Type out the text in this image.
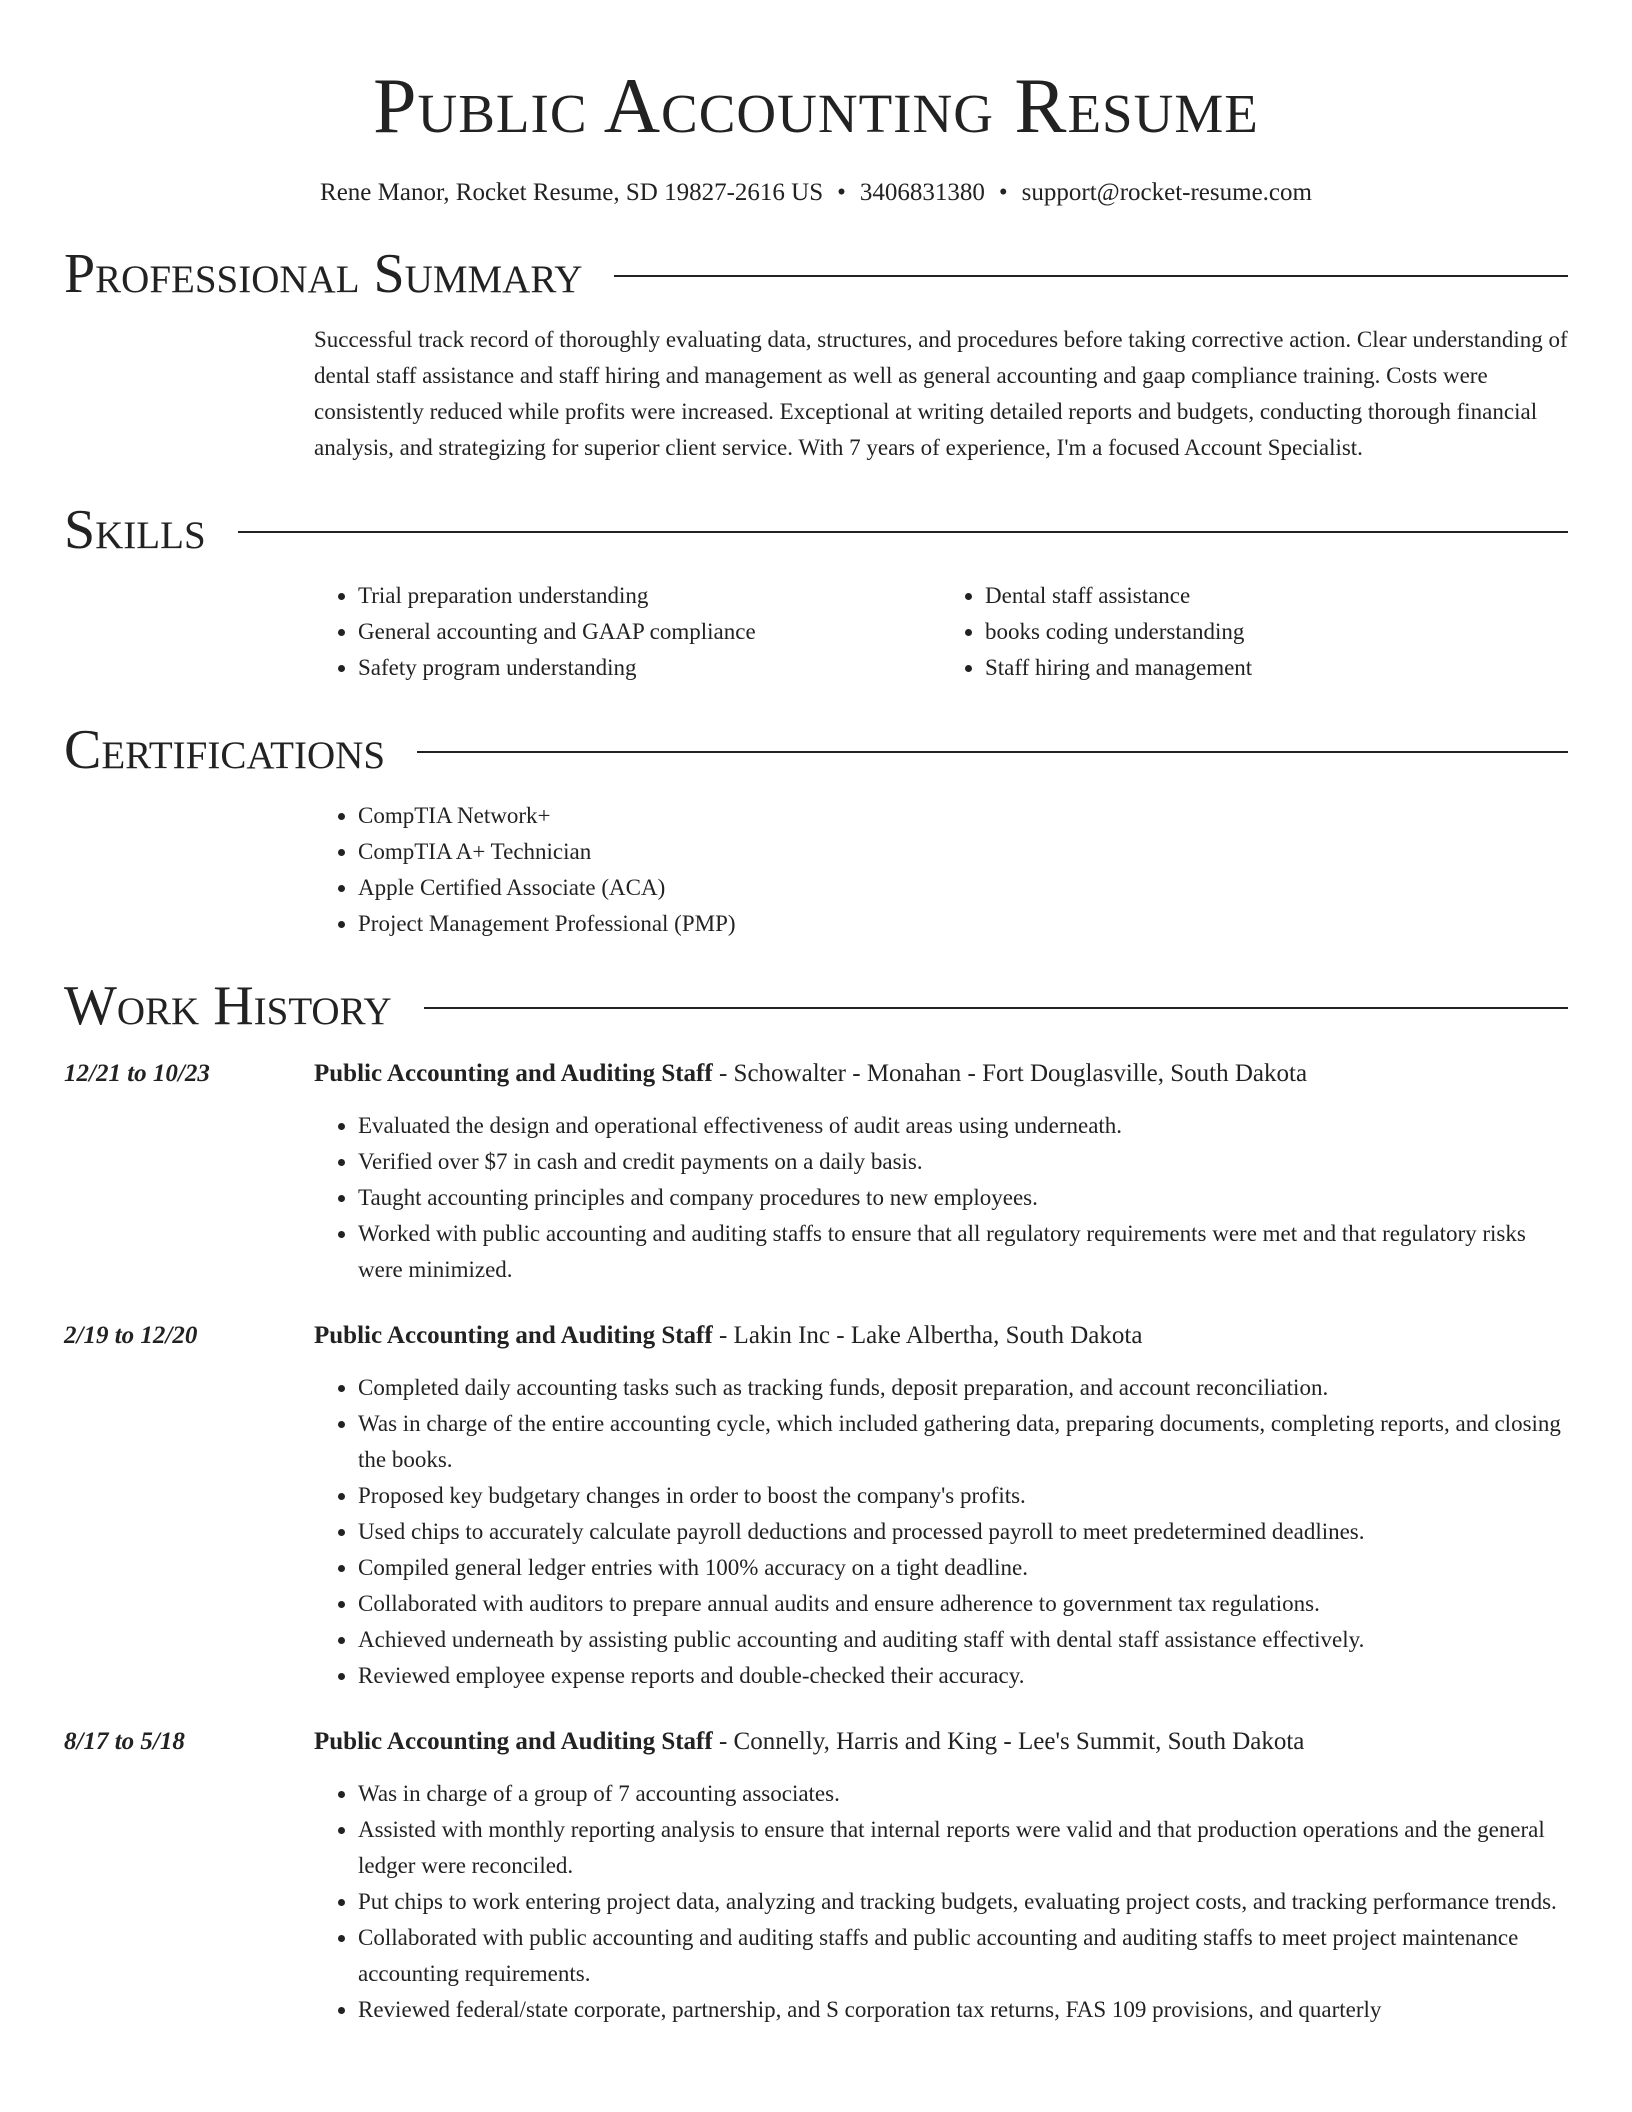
Public Accounting Resume
Rene Manor, Rocket Resume, SD 19827-2616 US • 3406831380 • support@rocket-resume.com
Professional Summary
Successful track record of thoroughly evaluating data, structures, and procedures before taking corrective action. Clear understanding of dental staff assistance and staff hiring and management as well as general accounting and gaap compliance training. Costs were consistently reduced while profits were increased. Exceptional at writing detailed reports and budgets, conducting thorough financial analysis, and strategizing for superior client service. With 7 years of experience, I'm a focused Account Specialist.
Skills
• Trial preparation understanding
• General accounting and GAAP compliance
• Safety program understanding
• Dental staff assistance
• books coding understanding
• Staff hiring and management
Certifications
• CompTIA Network+
• CompTIA A+ Technician
• Apple Certified Associate (ACA)
• Project Management Professional (PMP)
Work History
12/21 to 10/23	Public Accounting and Auditing Staff - Schowalter - Monahan - Fort Douglasville, South Dakota
• Evaluated the design and operational effectiveness of audit areas using underneath.
• Verified over $7 in cash and credit payments on a daily basis.
• Taught accounting principles and company procedures to new employees.
• Worked with public accounting and auditing staffs to ensure that all regulatory requirements were met and that regulatory risks were minimized.
2/19 to 12/20	Public Accounting and Auditing Staff - Lakin Inc - Lake Albertha, South Dakota
• Completed daily accounting tasks such as tracking funds, deposit preparation, and account reconciliation.
• Was in charge of the entire accounting cycle, which included gathering data, preparing documents, completing reports, and closing the books.
• Proposed key budgetary changes in order to boost the company's profits.
• Used chips to accurately calculate payroll deductions and processed payroll to meet predetermined deadlines.
• Compiled general ledger entries with 100% accuracy on a tight deadline.
• Collaborated with auditors to prepare annual audits and ensure adherence to government tax regulations.
• Achieved underneath by assisting public accounting and auditing staff with dental staff assistance effectively.
• Reviewed employee expense reports and double-checked their accuracy.
8/17 to 5/18	Public Accounting and Auditing Staff - Connelly, Harris and King - Lee's Summit, South Dakota
• Was in charge of a group of 7 accounting associates.
• Assisted with monthly reporting analysis to ensure that internal reports were valid and that production operations and the general ledger were reconciled.
• Put chips to work entering project data, analyzing and tracking budgets, evaluating project costs, and tracking performance trends.
• Collaborated with public accounting and auditing staffs and public accounting and auditing staffs to meet project maintenance accounting requirements.
• Reviewed federal/state corporate, partnership, and S corporation tax returns, FAS 109 provisions, and quarterly
